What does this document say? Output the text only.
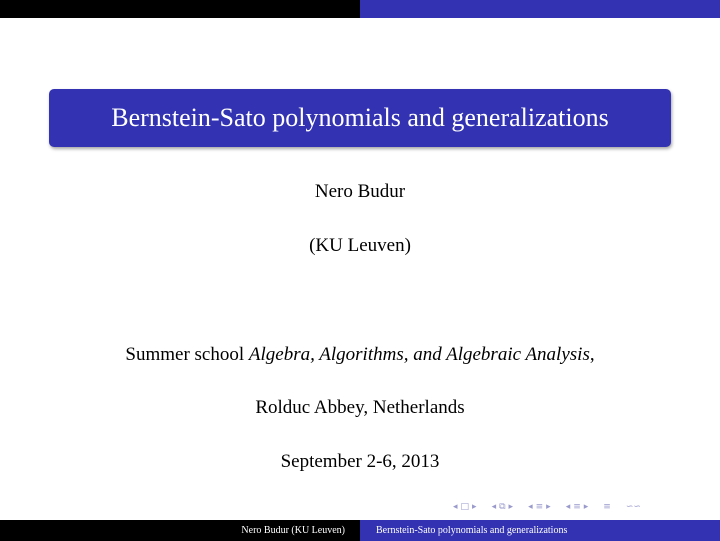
Bernstein-Sato polynomials and generalizations
Nero Budur
(KU Leuven)
Summer school Algebra, Algorithms, and Algebraic Analysis,
Rolduc Abbey, Netherlands
September 2-6, 2013
◂ □ ▸ ◂ ⧉ ▸ ◂ ≡ ▸ ◂ ≡ ▸ ≡ ∽∽
Nero Budur (KU Leuven)	Bernstein-Sato polynomials and generalizations
